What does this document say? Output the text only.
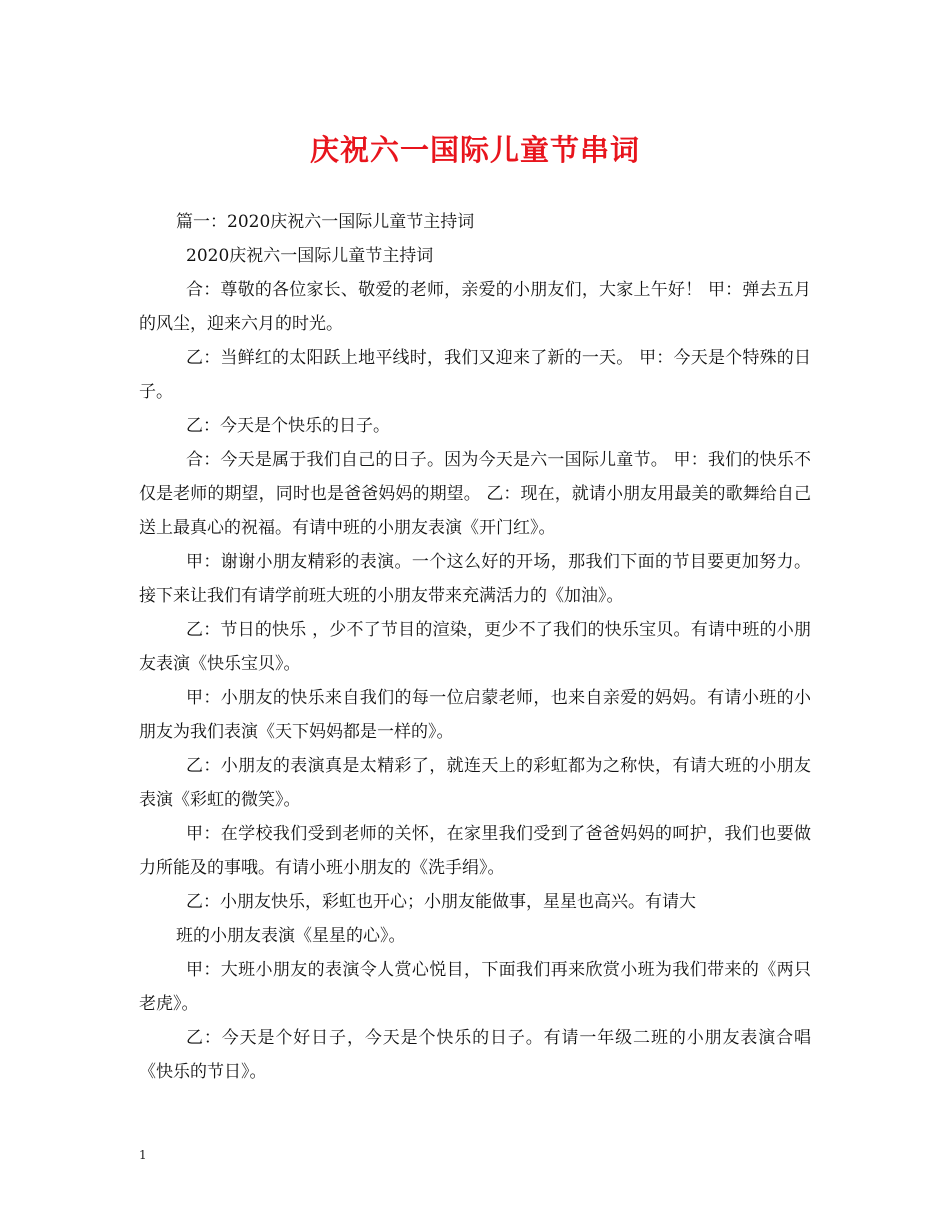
庆祝六一国际儿童节串词

篇一：2020庆祝六一国际儿童节主持词

2020庆祝六一国际儿童节主持词

合：尊敬的各位家长、敬爱的老师，亲爱的小朋友们，大家上午好！ 甲：弹去五月的风尘，迎来六月的时光。

乙：当鲜红的太阳跃上地平线时，我们又迎来了新的一天。 甲：今天是个特殊的日子。

乙：今天是个快乐的日子。

合：今天是属于我们自己的日子。因为今天是六一国际儿童节。 甲：我们的快乐不仅是老师的期望，同时也是爸爸妈妈的期望。 乙：现在，就请小朋友用最美的歌舞给自己送上最真心的祝福。有请中班的小朋友表演《开门红》。

甲：谢谢小朋友精彩的表演。一个这么好的开场，那我们下面的节目要更加努力。接下来让我们有请学前班大班的小朋友带来充满活力的《加油》。

乙：节日的快乐 ，少不了节目的渲染，更少不了我们的快乐宝贝。有请中班的小朋友表演《快乐宝贝》。

甲：小朋友的快乐来自我们的每一位启蒙老师，也来自亲爱的妈妈。有请小班的小朋友为我们表演《天下妈妈都是一样的》。

乙：小朋友的表演真是太精彩了，就连天上的彩虹都为之称快，有请大班的小朋友表演《彩虹的微笑》。

甲：在学校我们受到老师的关怀，在家里我们受到了爸爸妈妈的呵护，我们也要做力所能及的事哦。有请小班小朋友的《洗手绢》。

乙：小朋友快乐，彩虹也开心；小朋友能做事，星星也高兴。有请大

班的小朋友表演《星星的心》。

甲：大班小朋友的表演令人赏心悦目，下面我们再来欣赏小班为我们带来的《两只老虎》。

乙：今天是个好日子，今天是个快乐的日子。有请一年级二班的小朋友表演合唱《快乐的节日》。

1
